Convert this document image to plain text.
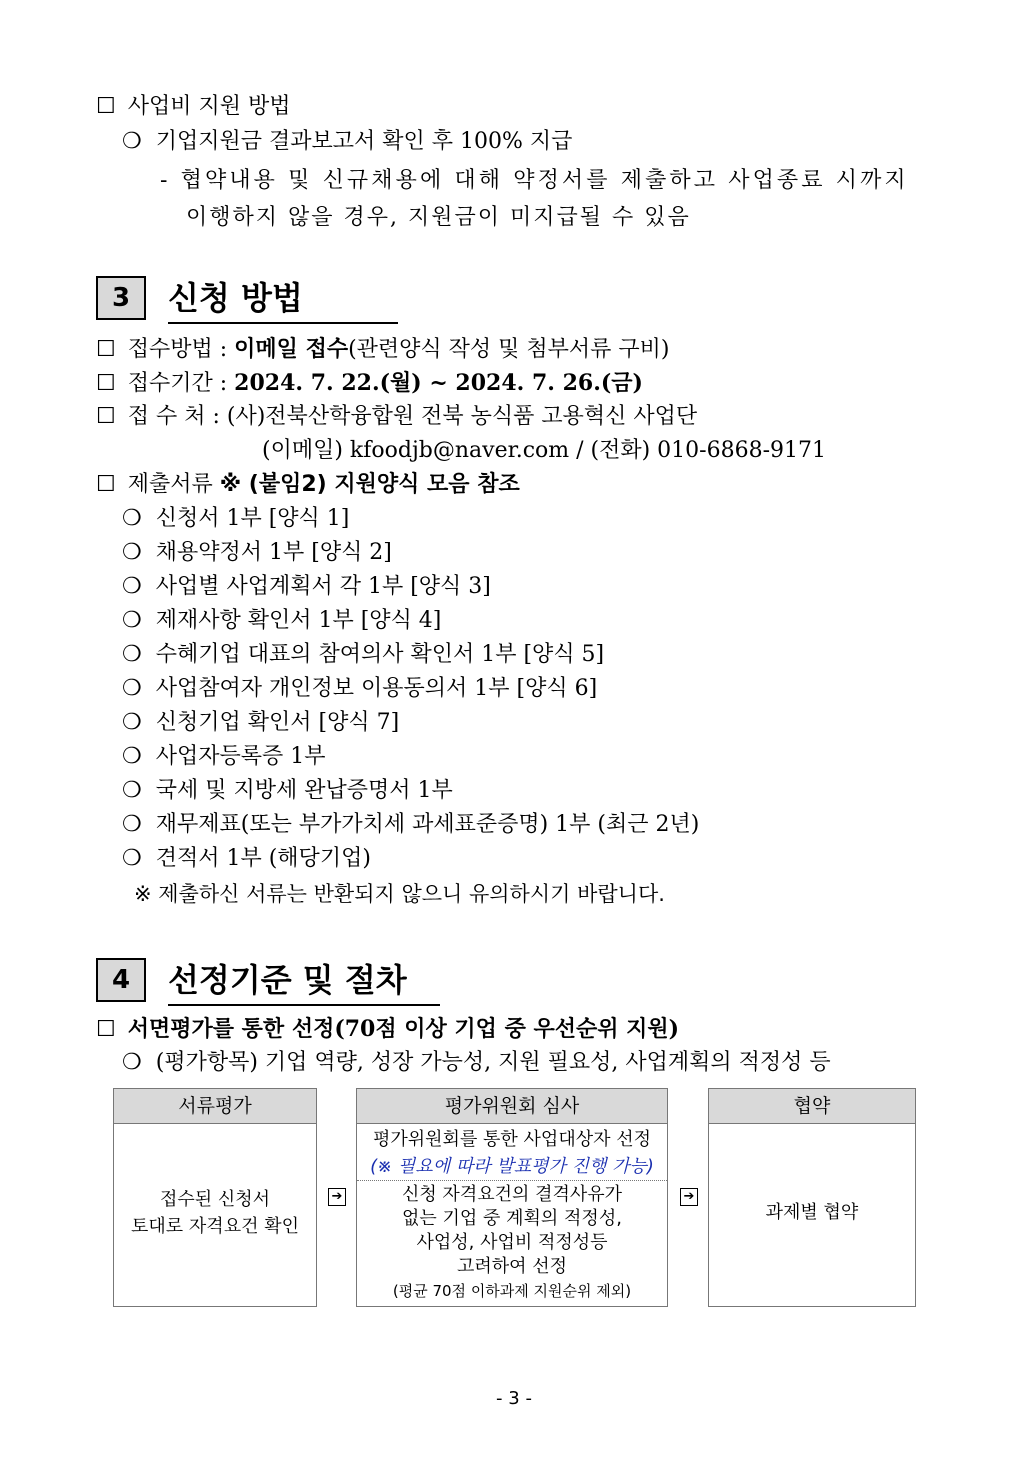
☐ 사업비 지원 방법
❍ 기업지원금 결과보고서 확인 후 100% 지급
- 협약내용 및 신규채용에 대해 약정서를 제출하고 사업종료 시까지
이행하지 않을 경우, 지원금이 미지급될 수 있음
3	신청 방법
☐ 접수방법 : 이메일 접수(관련양식 작성 및 첨부서류 구비)
☐ 접수기간 : 2024. 7. 22.(월) ~ 2024. 7. 26.(금)
☐ 접 수 처 : (사)전북산학융합원 전북 농식품 고용혁신 사업단
(이메일) kfoodjb@naver.com / (전화) 010-6868-9171
☐ 제출서류 ※ (붙임2) 지원양식 모음 참조
❍ 신청서 1부 [양식 1]
❍ 채용약정서 1부 [양식 2]
❍ 사업별 사업계획서 각 1부 [양식 3]
❍ 제재사항 확인서 1부 [양식 4]
❍ 수혜기업 대표의 참여의사 확인서 1부 [양식 5]
❍ 사업참여자 개인정보 이용동의서 1부 [양식 6]
❍ 신청기업 확인서 [양식 7]
❍ 사업자등록증 1부
❍ 국세 및 지방세 완납증명서 1부
❍ 재무제표(또는 부가가치세 과세표준증명) 1부 (최근 2년)
❍ 견적서 1부 (해당기업)
※ 제출하신 서류는 반환되지 않으니 유의하시기 바랍니다.
4	선정기준 및 절차
☐ 서면평가를 통한 선정(70점 이상 기업 중 우선순위 지원)
❍ (평가항목) 기업 역량, 성장 가능성, 지원 필요성, 사업계획의 적정성 등
서류평가
접수된 신청서
토대로 자격요건 확인
➔
평가위원회 심사
평가위원회를 통한 사업대상자 선정
(※ 필요에 따라 발표평가 진행 가능)
신청 자격요건의 결격사유가
없는 기업 중 계획의 적정성,
사업성, 사업비 적정성등
고려하여 선정
(평균 70점 이하과제 지원순위 제외)
➔
협약
과제별 협약
- 3 -
